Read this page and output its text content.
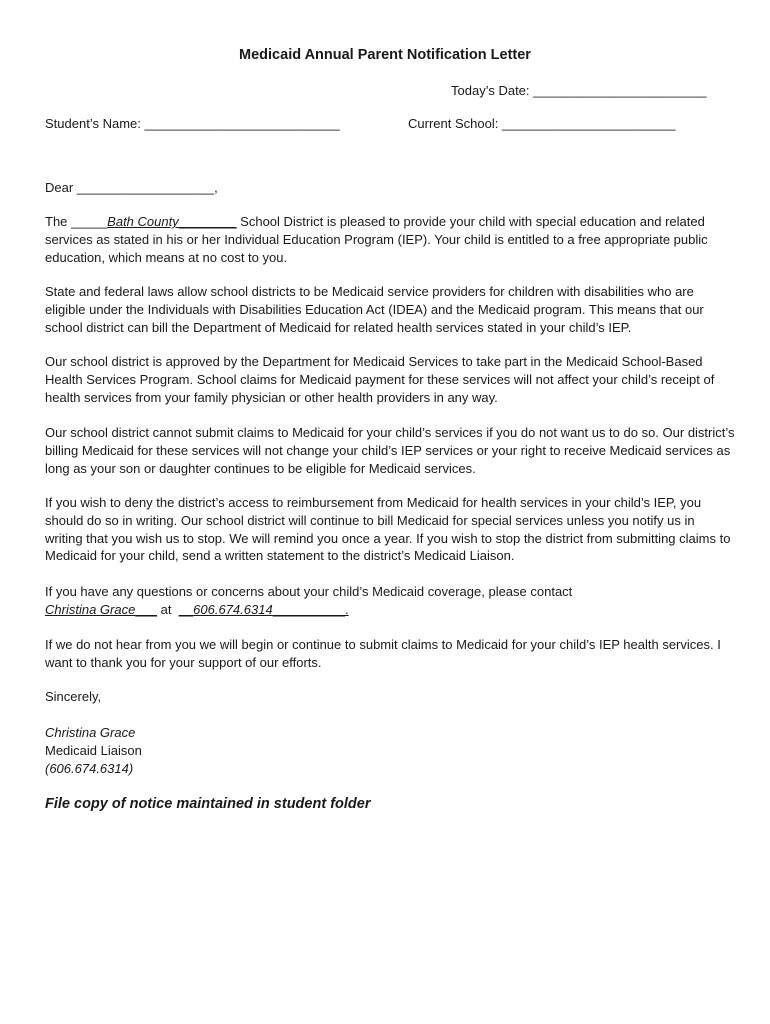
Medicaid Annual Parent Notification Letter
Today’s Date: ________________________
Student’s Name: ___________________________	Current School: ________________________
Dear ___________________,
The _____Bath County________ School District is pleased to provide your child with special education and related services as stated in his or her Individual Education Program (IEP). Your child is entitled to a free appropriate public education, which means at no cost to you.
State and federal laws allow school districts to be Medicaid service providers for children with disabilities who are eligible under the Individuals with Disabilities Education Act (IDEA) and the Medicaid program. This means that our school district can bill the Department of Medicaid for related health services stated in your child’s IEP.
Our school district is approved by the Department for Medicaid Services to take part in the Medicaid School-Based Health Services Program. School claims for Medicaid payment for these services will not affect your child’s receipt of health services from your family physician or other health providers in any way.
Our school district cannot submit claims to Medicaid for your child’s services if you do not want us to do so. Our district’s billing Medicaid for these services will not change your child’s IEP services or your right to receive Medicaid services as long as your son or daughter continues to be eligible for Medicaid services.
If you wish to deny the district’s access to reimbursement from Medicaid for health services in your child’s IEP, you should do so in writing. Our school district will continue to bill Medicaid for special services unless you notify us in writing that you wish us to stop. We will remind you once a year. If you wish to stop the district from submitting claims to Medicaid for your child, send a written statement to the district’s Medicaid Liaison.
If you have any questions or concerns about your child’s Medicaid coverage, please contact
Christina Grace___ at  __606.674.6314__________.
If we do not hear from you we will begin or continue to submit claims to Medicaid for your child’s IEP health services. I want to thank you for your support of our efforts.
Sincerely,
Christina Grace
Medicaid Liaison
(606.674.6314)
File copy of notice maintained in student folder
